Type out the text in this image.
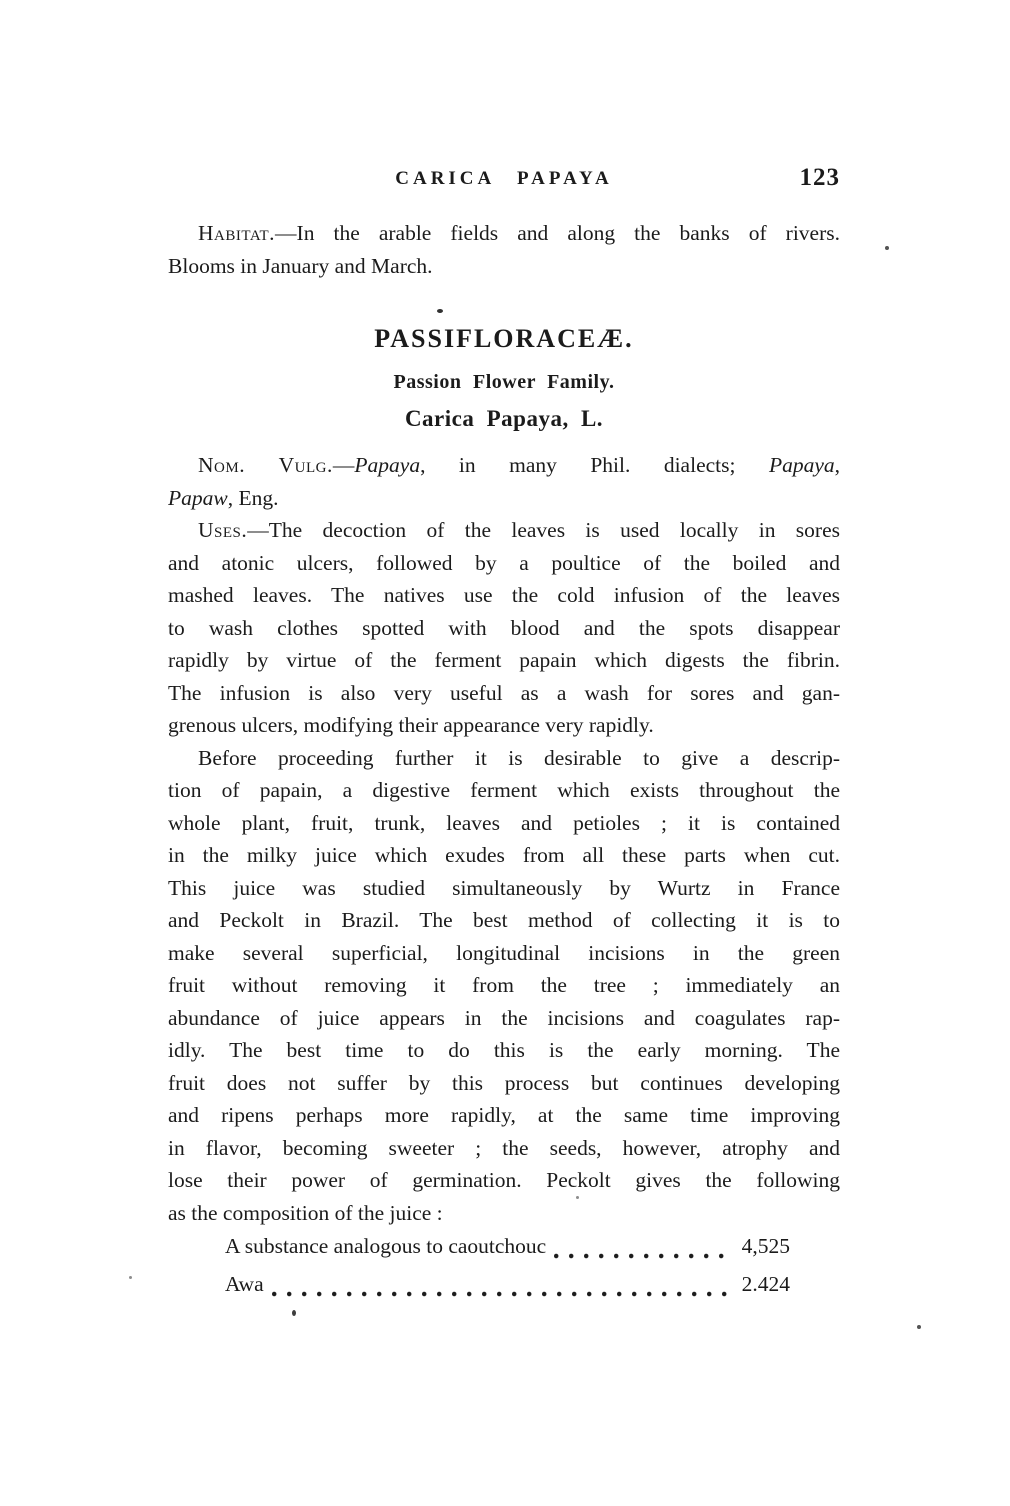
CARICA PAPAYA	123
Habitat.—In the arable fields and along the banks of rivers.
Blooms in January and March.
PASSIFLORACEÆ.
Passion Flower Family.
Carica Papaya, L.
Nom. Vulg.—Papaya, in many Phil. dialects; Papaya,
Papaw, Eng.
Uses.—The decoction of the leaves is used locally in sores
and atonic ulcers, followed by a poultice of the boiled and
mashed leaves. The natives use the cold infusion of the leaves
to wash clothes spotted with blood and the spots disappear
rapidly by virtue of the ferment papain which digests the fibrin.
The infusion is also very useful as a wash for sores and gan-
grenous ulcers, modifying their appearance very rapidly.
Before proceeding further it is desirable to give a descrip-
tion of papain, a digestive ferment which exists throughout the
whole plant, fruit, trunk, leaves and petioles ; it is contained
in the milky juice which exudes from all these parts when cut.
This juice was studied simultaneously by Wurtz in France
and Peckolt in Brazil. The best method of collecting it is to
make several superficial, longitudinal incisions in the green
fruit without removing it from the tree ; immediately an
abundance of juice appears in the incisions and coagulates rap-
idly. The best time to do this is the early morning. The
fruit does not suffer by this process but continues developing
and ripens perhaps more rapidly, at the same time improving
in flavor, becoming sweeter ; the seeds, however, atrophy and
lose their power of germination. Peckolt gives the following
as the composition of the juice :
A substance analogous to caoutchouc	4,525
Awa	2.424
